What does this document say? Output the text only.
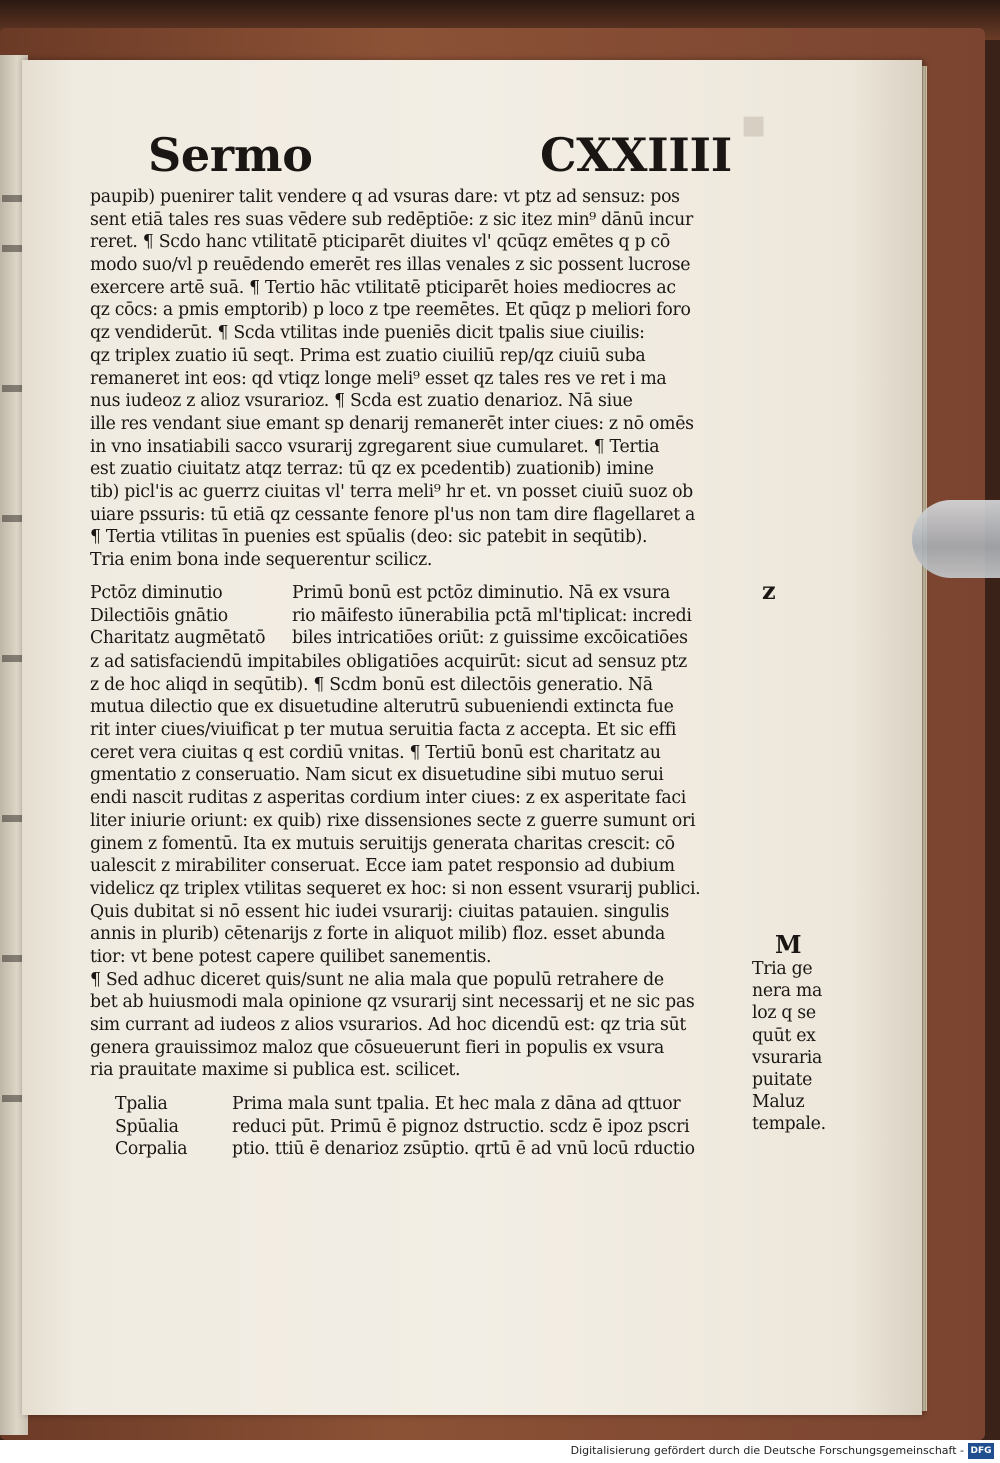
▪
Sermo	CXXIIII
paupib) puenirer talit vendere q ad vsuras dare: vt ptz ad sensuz: pos
sent etiā tales res suas vēdere sub redēptiōe: z sic itez min⁹ dānū incur
reret. ¶ Scdo hanc vtilitatē pticiparēt diuites vl' qcūqz emētes q p cō
modo suo/vl p reuēdendo emerēt res illas venales z sic possent lucrose
exercere artē suā. ¶ Tertio hāc vtilitatē pticiparēt hoies mediocres ac
qz cōcs: a pmis emptorib) p loco z tpe reemētes. Et qūqz p meliori foro
qz vendiderūt. ¶ Scda vtilitas inde pueniēs dicit tpalis siue ciuilis:
qz triplex zuatio iū seqt. Prima est zuatio ciuiliū rep/qz ciuiū suba
remaneret int eos: qd vtiqz longe meli⁹ esset qz tales res ve ret i ma
nus iudeoz z alioz vsurarioz. ¶ Scda est zuatio denarioz. Nā siue
ille res vendant siue emant sp denarij remanerēt inter ciues: z nō omēs
in vno insatiabili sacco vsurarij zgregarent siue cumularet. ¶ Tertia
est zuatio ciuitatz atqz terraz: tū qz ex pcedentib) zuationib) imine
tib) picl'is ac guerrz ciuitas vl' terra meli⁹ hr et. vn posset ciuiū suoz ob
uiare pssuris: tū etiā qz cessante fenore pl'us non tam dire flagellaret a
¶ Tertia vtilitas īn puenies est spūalis (deo: sic patebit in seqūtib).
Tria enim bona inde sequerentur scilicz.
z
Pctōz diminutio
Dilectiōis gnātio
Charitatz augmētatō
Primū bonū est pctōz diminutio. Nā ex vsura
rio māifesto iūnerabilia pctā ml'tiplicat: incredi
biles intricatiōes oriūt: z guissime excōicatiōes
z ad satisfaciendū impitabiles obligatiōes acquirūt: sicut ad sensuz ptz
z de hoc aliqd in seqūtib). ¶ Scdm bonū est dilectōis generatio. Nā
mutua dilectio que ex disuetudine alterutrū subueniendi extincta fue
rit inter ciues/viuificat p ter mutua seruitia facta z accepta. Et sic effi
ceret vera ciuitas q est cordiū vnitas. ¶ Tertiū bonū est charitatz au
gmentatio z conseruatio. Nam sicut ex disuetudine sibi mutuo serui
endi nascit ruditas z asperitas cordium inter ciues: z ex asperitate faci
liter iniurie oriunt: ex quib) rixe dissensiones secte z guerre sumunt ori
ginem z fomentū. Ita ex mutuis seruitijs generata charitas crescit: cō
ualescit z mirabiliter conseruat. Ecce iam patet responsio ad dubium
videlicz qz triplex vtilitas sequeret ex hoc: si non essent vsurarij publici.
Quis dubitat si nō essent hic iudei vsurarij: ciuitas patauien. singulis
annis in plurib) cētenarijs z forte in aliquot milib) floz. esset abunda
tior: vt bene potest capere quilibet sanementis.
¶ Sed adhuc diceret quis/sunt ne alia mala que populū retrahere de
bet ab huiusmodi mala opinione qz vsurarij sint necessarij et ne sic pas
sim currant ad iudeos z alios vsurarios. Ad hoc dicendū est: qz tria sūt
genera grauissimoz maloz que cōsueuerunt fieri in populis ex vsura
ria prauitate maxime si publica est. scilicet.
M
Tria ge
nera ma
loz q se
quūt ex
vsuraria
puitate
Maluz
tempale.
Tpalia
Spūalia
Corpalia
Prima mala sunt tpalia. Et hec mala z dāna ad qttuor
reduci pūt. Primū ē pignoz dstructio. scdz ē ipoz pscri
ptio. ttiū ē denarioz zsūptio. qrtū ē ad vnū locū rductio
Digitalisierung gefördert durch die Deutsche Forschungsgemeinschaft - DFG
